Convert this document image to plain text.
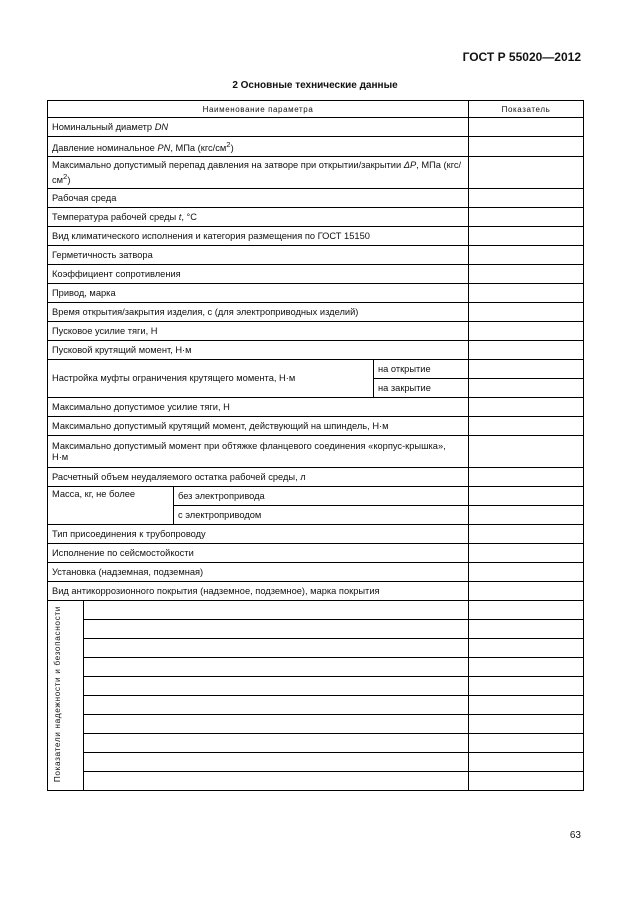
ГОСТ Р 55020—2012
2 Основные технические данные
Наименование параметра				Показатель
Номинальный диаметр DN				
Давление номинальное PN, МПа $(кгс/см^2)$				
Максимально допустимый перепад давления на затворе при открытии/закрытии ΔP, МПа $(кгс/см^2)$				
Рабочая среда				
Температура рабочей среды t, °С				
Вид климатического исполнения и категория размещения по ГОСТ 15150				
Герметичность затвора				
Коэффициент сопротивления				
Привод, марка				
Время открытия/закрытия изделия, с (для электроприводных изделий)				
Пусковое усилие тяги, Н				
Пусковой крутящий момент, Н·м				
Настройка муфты ограничения крутящего момента, Н·м			на открытие	
			на закрытие	
Максимально допустимое усилие тяги, Н				
Максимально допустимый крутящий момент, действующий на шпиндель, Н·м				
Максимально допустимый момент при обтяжке фланцевого соединения «корпус-крышка», Н·м				
Расчетный объем неудаляемого остатка рабочей среды, л				
Масса, кг, не более		без электропривода		
		с электроприводом		
Тип присоединения к трубопроводу				
Исполнение по сейсмостойкости				
Установка (надземная, подземная)				
Вид антикоррозионного покрытия (надземное, подземное), марка покрытия				
Показатели надежности и безопасности				

63
